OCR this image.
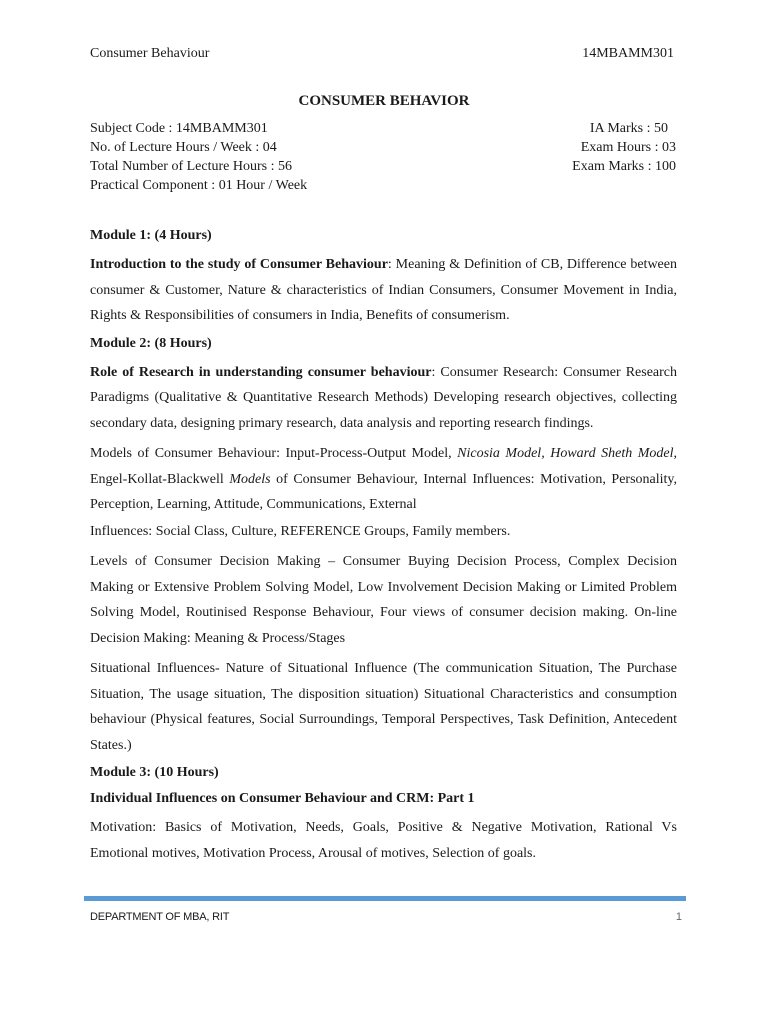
Consumer Behaviour	14MBAMM301
CONSUMER BEHAVIOR
Subject Code : 14MBAMM301	IA Marks : 50
No. of Lecture Hours / Week : 04	Exam Hours : 03
Total Number of Lecture Hours : 56	Exam Marks : 100
Practical Component : 01 Hour / Week
Module 1: (4 Hours)

Introduction to the study of Consumer Behaviour: Meaning & Definition of CB, Difference between consumer & Customer, Nature & characteristics of Indian Consumers, Consumer Movement in India, Rights & Responsibilities of consumers in India, Benefits of consumerism.

Module 2: (8 Hours)

Role of Research in understanding consumer behaviour: Consumer Research: Consumer Research Paradigms (Qualitative & Quantitative Research Methods) Developing research objectives, collecting secondary data, designing primary research, data analysis and reporting research findings.

Models of Consumer Behaviour: Input-Process-Output Model, Nicosia Model, Howard Sheth Model, Engel-Kollat-Blackwell Models of Consumer Behaviour, Internal Influences: Motivation, Personality, Perception, Learning, Attitude, Communications, External

Influences: Social Class, Culture, REFERENCE Groups, Family members.

Levels of Consumer Decision Making – Consumer Buying Decision Process, Complex Decision Making or Extensive Problem Solving Model, Low Involvement Decision Making or Limited Problem Solving Model, Routinised Response Behaviour, Four views of consumer decision making. On-line Decision Making: Meaning & Process/Stages

Situational Influences- Nature of Situational Influence (The communication Situation, The Purchase Situation, The usage situation, The disposition situation) Situational Characteristics and consumption behaviour (Physical features, Social Surroundings, Temporal Perspectives, Task Definition, Antecedent States.)

Module 3: (10 Hours)
Individual Influences on Consumer Behaviour and CRM: Part 1

Motivation: Basics of Motivation, Needs, Goals, Positive & Negative Motivation, Rational Vs Emotional motives, Motivation Process, Arousal of motives, Selection of goals.

DEPARTMENT OF MBA, RIT	1
